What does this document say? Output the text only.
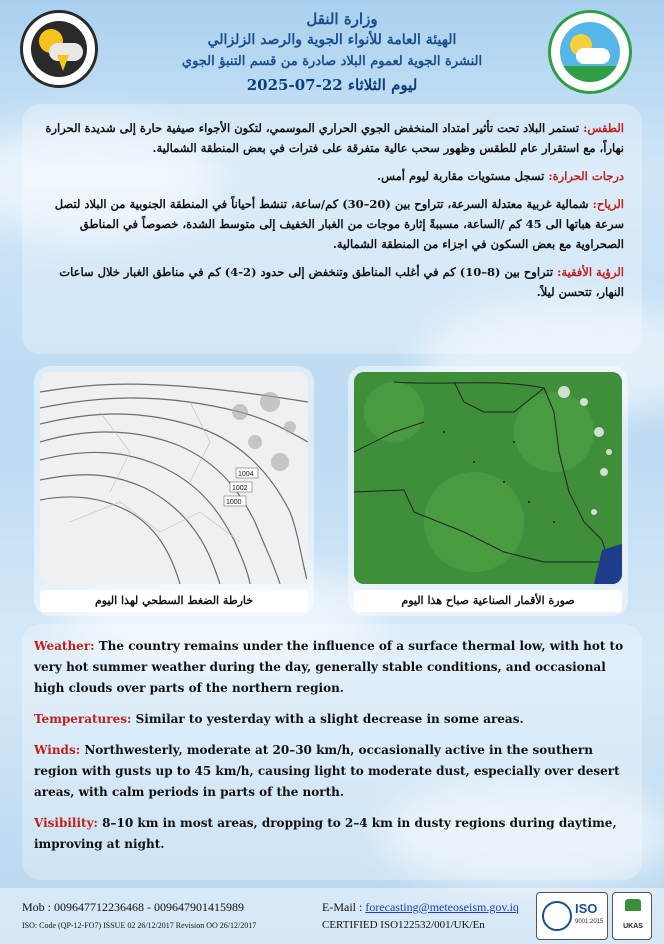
وزارة النقل
الهيئة العامة للأنواء الجوية والرصد الزلزالي
النشرة الجوية لعموم البلاد صادرة من قسم التنبؤ الجوي
ليوم الثلاثاء 22-07-2025

الطقس: تستمر البلاد تحت تأثير امتداد المنخفض الجوي الحراري الموسمي، لتكون الأجواء صيفية حارة إلى شديدة الحرارة نهاراً، مع استقرار عام للطقس وظهور سحب عالية متفرقة على فترات في بعض المنطقة الشمالية.

درجات الحرارة: تسجل مستويات مقاربة ليوم أمس.

الرياح: شمالية غربية معتدلة السرعة، تتراوح بين (20–30) كم/ساعة، تنشط أحياناً في المنطقة الجنوبية من البلاد لتصل سرعة هباتها الى 45 كم /الساعة، مسببةً إثارة موجات من الغبار الخفيف إلى متوسط الشدة، خصوصاً في المناطق الصحراوية مع بعض السكون في اجزاء من المنطقة الشمالية.

الرؤية الأفقية: تتراوح بين (8–10) كم في أغلب المناطق وتنخفض إلى حدود (2-4) كم في مناطق الغبار خلال ساعات النهار، تتحسن ليلاً.

1004
1002
1000
خارطة الضغط السطحي لهذا اليوم	صورة الأقمار الصناعية صباح هذا اليوم

Weather: The country remains under the influence of a surface thermal low, with hot to very hot summer weather during the day, generally stable conditions, and occasional high clouds over parts of the northern region.

Temperatures: Similar to yesterday with a slight decrease in some areas.

Winds: Northwesterly, moderate at 20–30 km/h, occasionally active in the southern region with gusts up to 45 km/h, causing light to moderate dust, especially over desert areas, with calm periods in parts of the north.

Visibility: 8–10 km in most areas, dropping to 2–4 km in dusty regions during daytime, improving at night.

Mob : 009647712236468 - 009647901415989	E-Mail : forecasting@meteoseism.gov.iq
ISO: Code (QP-12-FO7) ISSUE 02 26/12/2017 Revision OO 26/12/2017	CERTIFIED ISO122532/001/UK/En
ISO
9001:2015
UKAS
